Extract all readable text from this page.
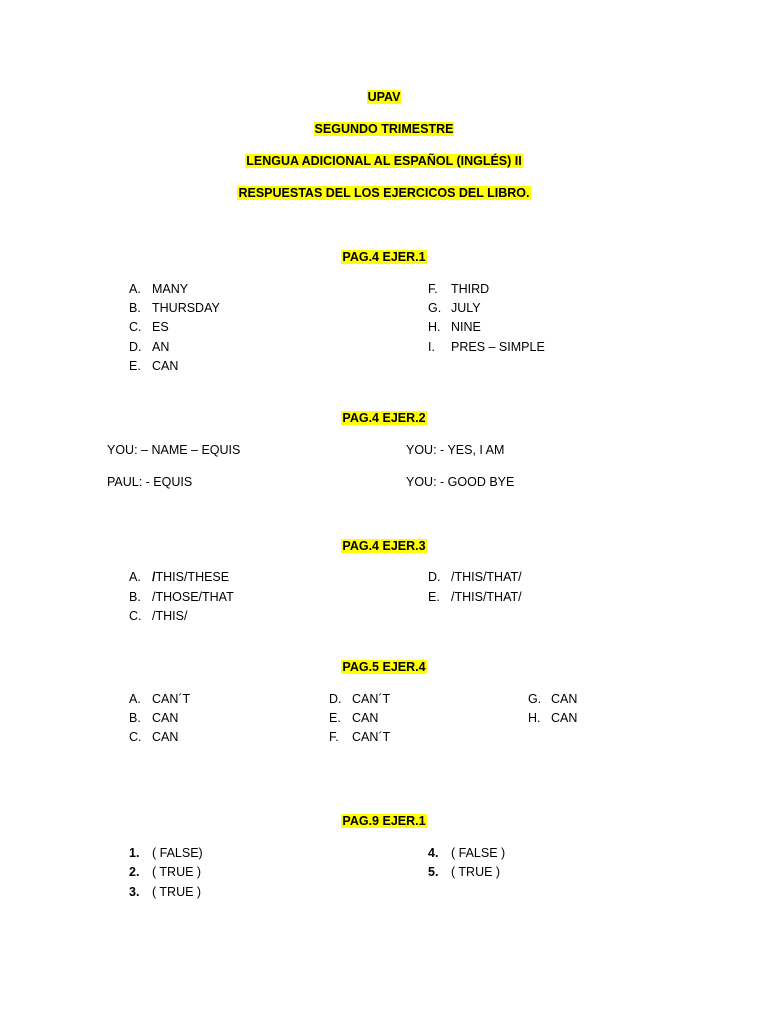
UPAV
SEGUNDO TRIMESTRE
LENGUA ADICIONAL AL ESPAÑOL (INGLÉS) II
RESPUESTAS DEL LOS EJERCICOS DEL LIBRO.
PAG.4 EJER.1
A. MANY
B. THURSDAY
C. ES
D. AN
E. CAN
F. THIRD
G. JULY
H. NINE
I. PRES – SIMPLE
PAG.4 EJER.2
YOU: – NAME – EQUIS	YOU: - YES, I AM
PAUL: - EQUIS	YOU: - GOOD BYE
PAG.4 EJER.3
A. /THIS/THESE
B. /THOSE/THAT
C. /THIS/
D. /THIS/THAT/
E. /THIS/THAT/
PAG.5 EJER.4
A. CAN´T
B. CAN
C. CAN
D. CAN´T
E. CAN
F. CAN´T
G. CAN
H. CAN
PAG.9 EJER.1
1. ( FALSE)
2. ( TRUE )
3. ( TRUE )
4. ( FALSE )
5. ( TRUE )
